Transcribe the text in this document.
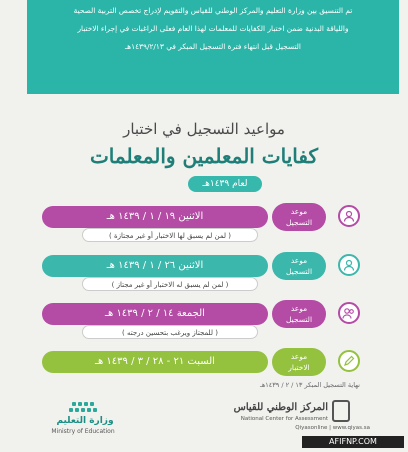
تم التنسيق بين وزارة التعليم والمركز الوطني للقياس والتقويم لإدراج تخصص التربية الصحية

واللياقة البدنية ضمن اختبار الكفايات للمعلمات لهذا العام فعلى الراغبات في إجراء الاختبار

التسجيل قبل انتهاء فترة التسجيل المبكر في ١٤٣٩/٢/١٣هـ

مواعيد التسجيل في اختبار
كفايات المعلمين والمعلمات
لعام ١٤٣٩هـ
موعد
التسجيل
الاثنين ١٩ / ١ / ١٤٣٩ هـ
( لمن لم يسبق لها الاختبار أو غير مجتازة )
موعد
التسجيل
الاثنين ٢٦ / ١ / ١٤٣٩ هـ
( لمن لم يسبق له الاختبار أو غير مجتاز )
موعد
التسجيل
الجمعة ١٤ / ٢ / ١٤٣٩ هـ
( للمجتاز ويرغب بتحسين درجته )
موعد
الاختبار
السبت ٢١ - ٢٨ / ٣ / ١٤٣٩ هـ
نهاية التسجيل المبكر ١٣ / ٢ / ١٤٣٩هـ
وزارة التعليم
Ministry of Education
المركز الوطني للقياس
National Center for Assessment
Qiyasonline | www.qiyas.sa
AFIFNP.COM
